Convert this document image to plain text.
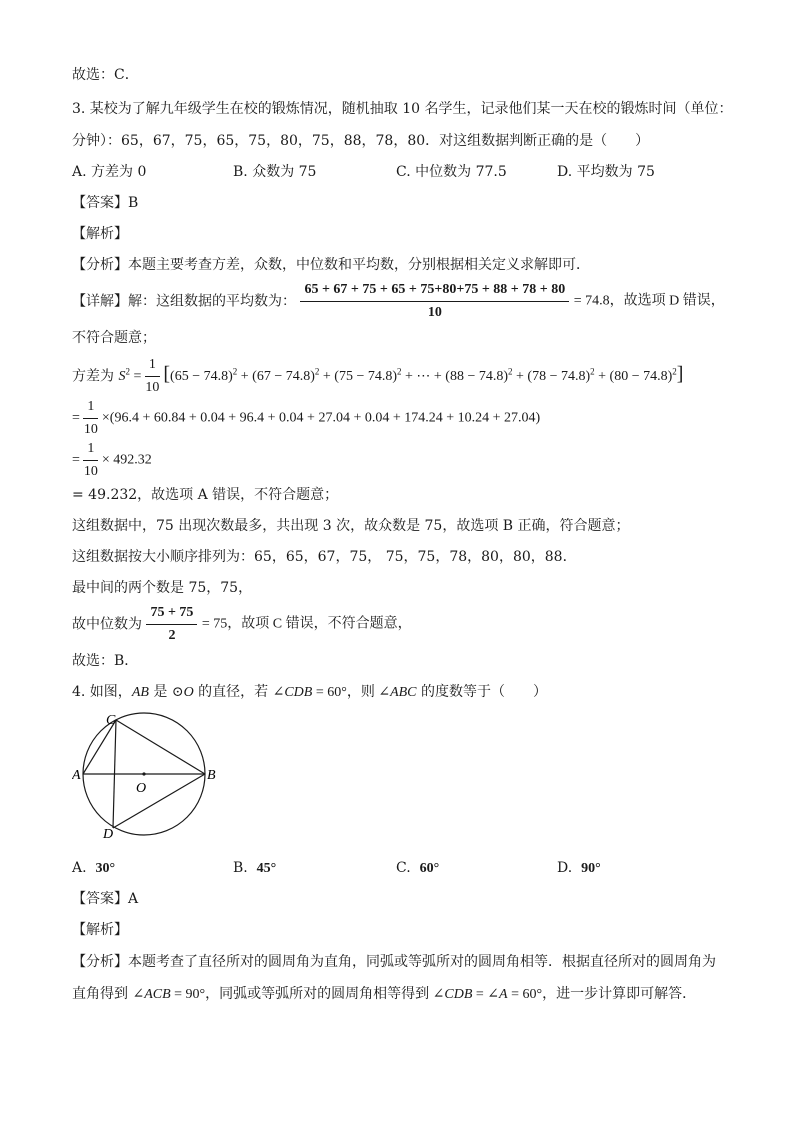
故选：C．
3. 某校为了解九年级学生在校的锻炼情况，随机抽取 10 名学生，记录他们某一天在校的锻炼时间（单位：
分钟）：65，67，75，65，75，80，75，88，78，80．对这组数据判断正确的是（　　）
A. 方差为 0	B. 众数为 75	C. 中位数为 77.5	D. 平均数为 75
【答案】B
【解析】
【分析】本题主要考查方差，众数，中位数和平均数，分别根据相关定义求解即可．
【详解】解：这组数据的平均数为： $\frac{65 + 67 + 75 + 65 + 75+80+75 + 88 + 78 + 80}{10} = 74.8$，故选项 D 错误，
不符合题意；
方差为 $S^2 = \frac{1}{10} [(65 - 74.8)^2 + (67 - 74.8)^2 + (75 - 74.8)^2$ + ⋯ + $(88 - 74.8)^2 + (78 - 74.8)^2 + (80 - 74.8)^2$]
= $\frac{1}{10} \times(96.4 + 60.84 + 0.04 + 96.4 + 0.04 + 27.04 + 0.04 + 174.24 + 10.24 + 27.04)$
= $\frac{1}{10} \times 492.32$
= 49.232，故选项 A 错误，不符合题意；
这组数据中，75 出现次数最多，共出现 3 次，故众数是 75，故选项 B 正确，符合题意；
这组数据按大小顺序排列为：65，65，67，75， 75，75，78，80，80，88．
最中间的两个数是 75，75，
故中位数为 $\frac{75 + 75}{2} = 75$，故项 C 错误，不符合题意，
故选：B．
4. 如图，AB 是 ⊙O 的直径，若 ∠CDB = 60°，则 ∠ABC 的度数等于（　　）
C
A
O
B
D
A. 30°	B. 45°	C. 60°	D. 90°
【答案】A
【解析】
【分析】本题考查了直径所对的圆周角为直角，同弧或等弧所对的圆周角相等．根据直径所对的圆周角为
直角得到 ∠ACB = 90°，同弧或等弧所对的圆周角相等得到 ∠CDB = ∠A = 60°，进一步计算即可解答．
